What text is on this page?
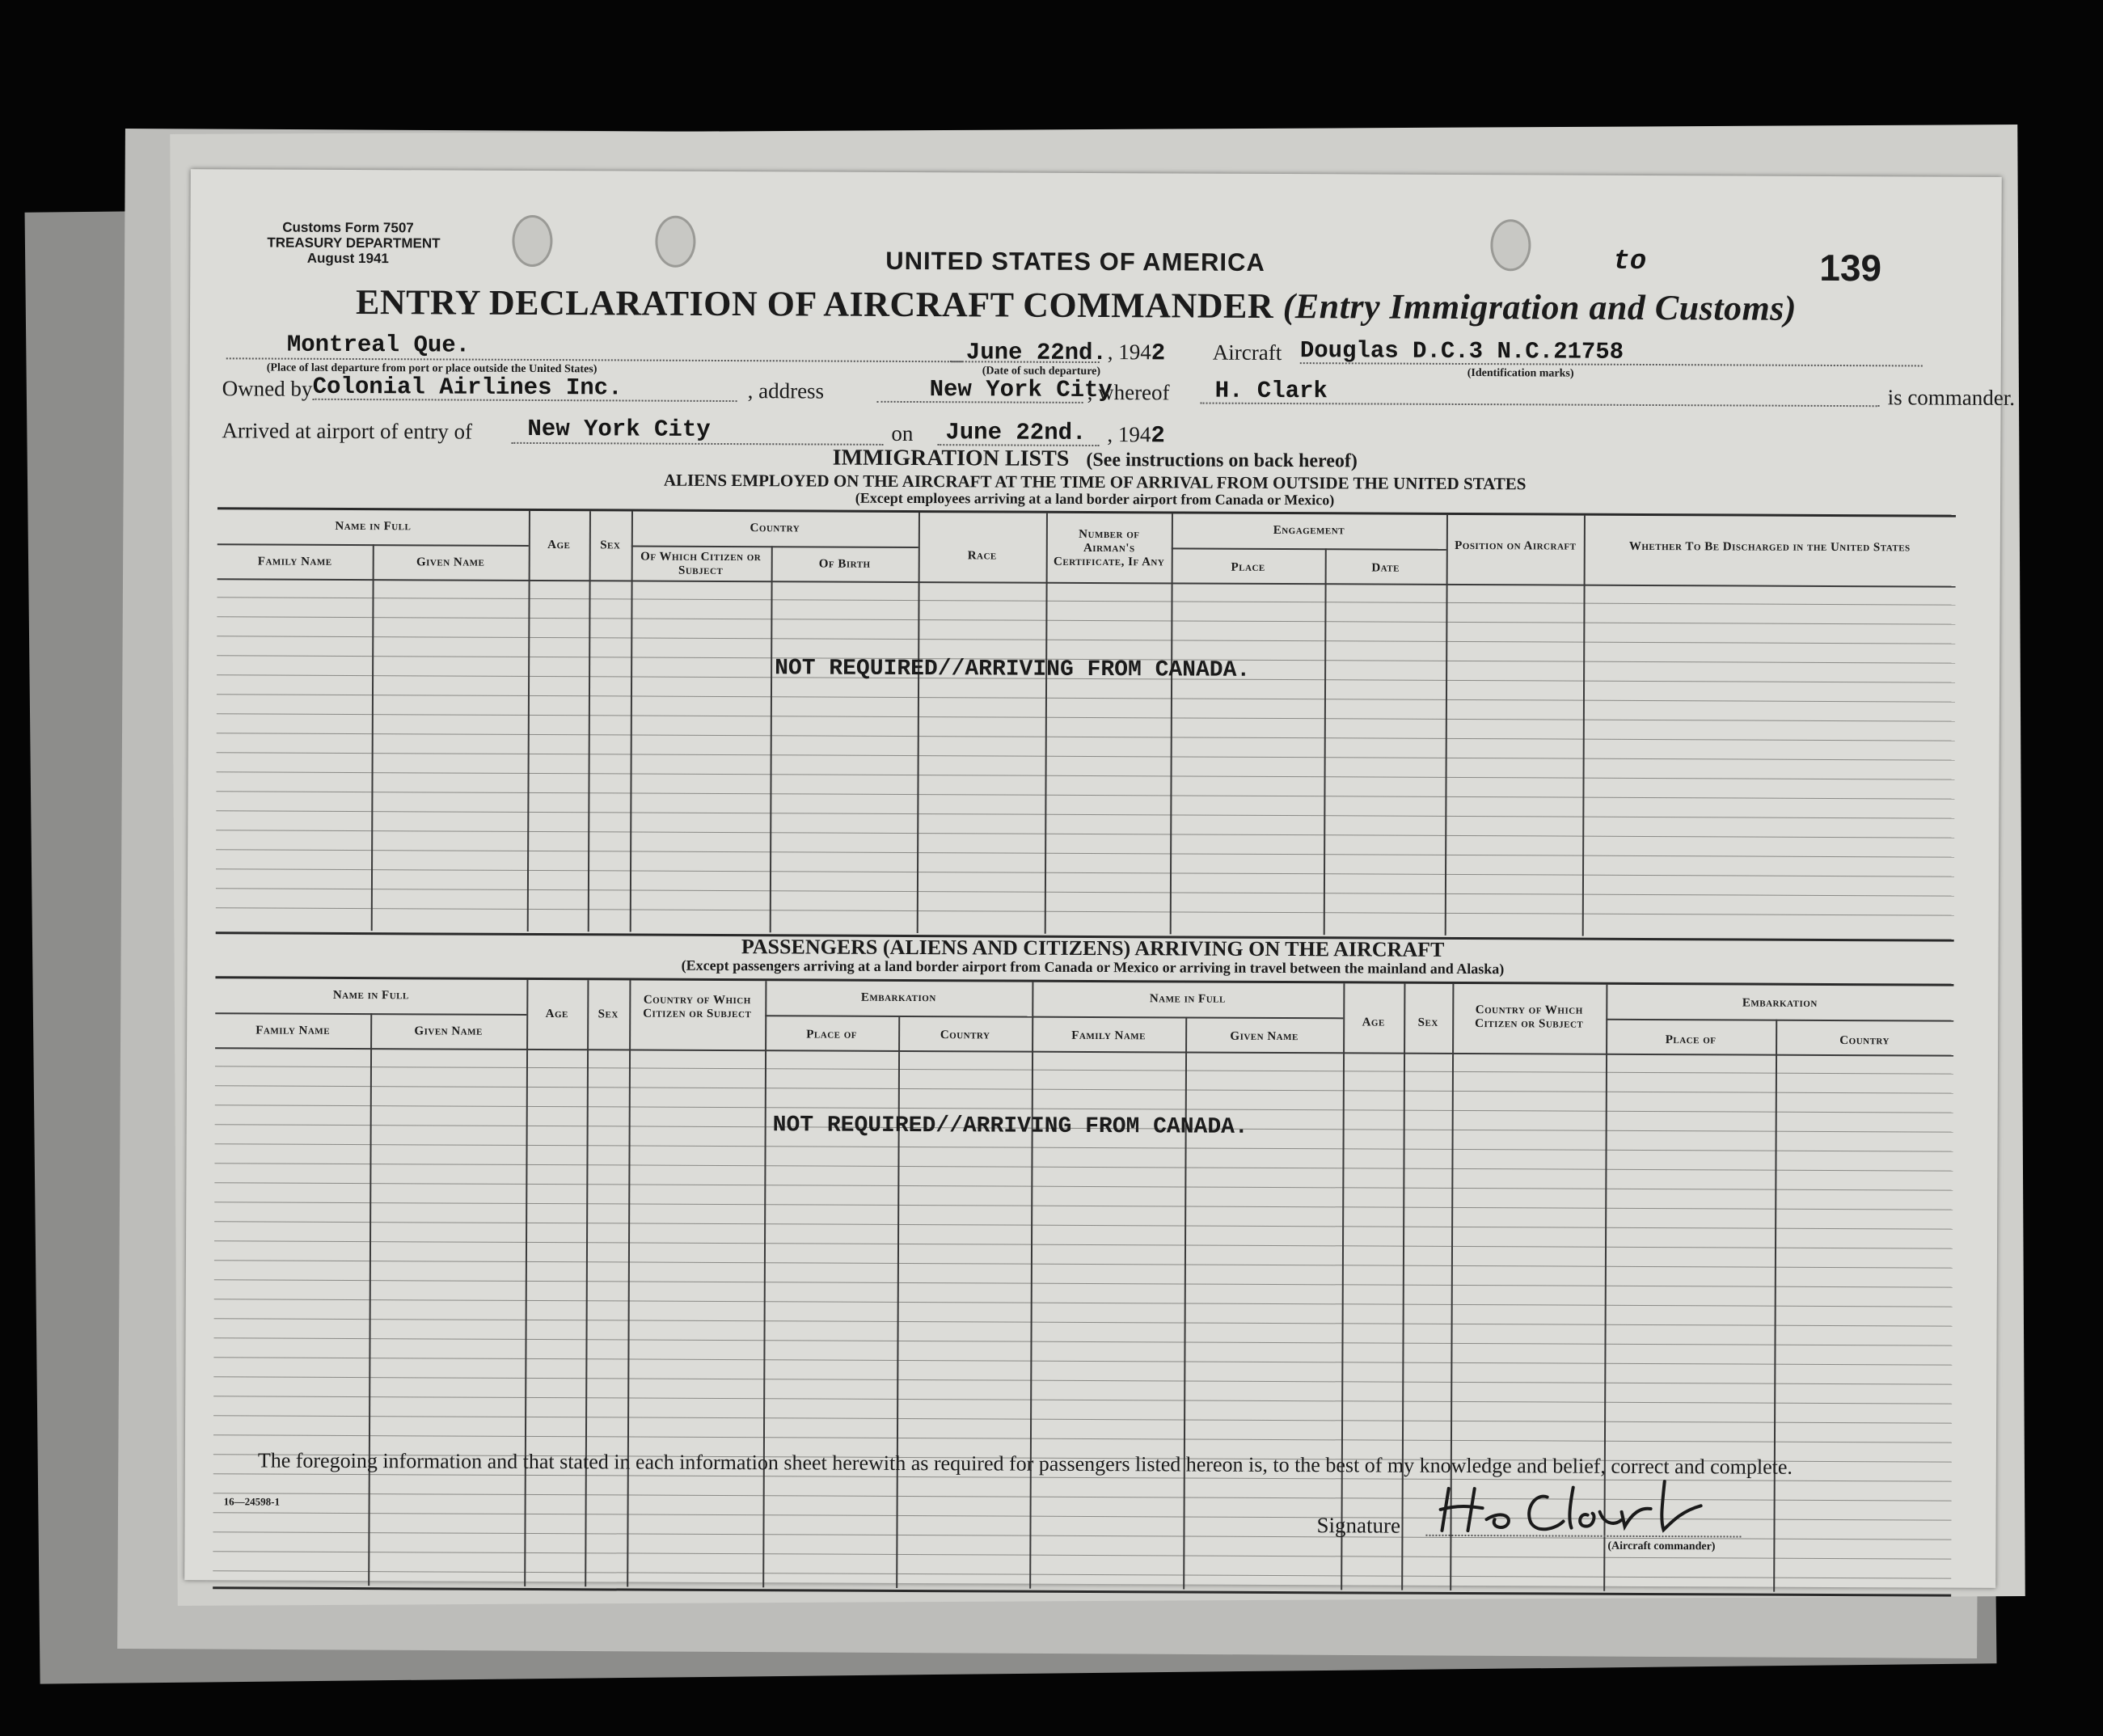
Customs Form 7507
TREASURY DEPARTMENT
August 1941	UNITED STATES OF AMERICA	to	139
ENTRY DECLARATION OF AIRCRAFT COMMANDER (Entry Immigration and Customs)
Montreal Que.
(Place of last departure from port or place outside the United States)
June 22nd.
(Date of such departure)
, 1942 Aircraft Douglas D.C.3 N.C.21758
(Identification marks)
Owned by Colonial Airlines Inc.	, address	New York City
, whereof H. Clark	is commander.
Arrived at airport of entry of New York City	on June 22nd. , 1942
IMMIGRATION LISTS (See instructions on back hereof)
ALIENS EMPLOYED ON THE AIRCRAFT AT THE TIME OF ARRIVAL FROM OUTSIDE THE UNITED STATES
(Except employees arriving at a land border airport from Canada or Mexico)
Name in Full
Family Name	Given Name
Age	Sex
Country
Of Which Citizen or Subject
Of Birth
Race
Number of Airman's Certificate, If Any
Engagement
Place	Date
Position on Aircraft	Whether To Be Discharged in the United States
NOT REQUIRED//ARRIVING FROM CANADA.
PASSENGERS (ALIENS AND CITIZENS) ARRIVING ON THE AIRCRAFT
(Except passengers arriving at a land border airport from Canada or Mexico or arriving in travel between the mainland and Alaska)
Name in Full
Family Name	Given Name
Age	Sex
Country of Which Citizen or Subject
Embarkation
Place of	Country
Name in Full
Family Name	Given Name
Age	Sex
Country of Which Citizen or Subject
Embarkation
Place of	Country
NOT REQUIRED//ARRIVING FROM CANADA.
The foregoing information and that stated in each information sheet herewith as required for passengers listed hereon is, to the best of my knowledge and belief, correct and complete.
16—24598-1
Signature
(Aircraft commander)
